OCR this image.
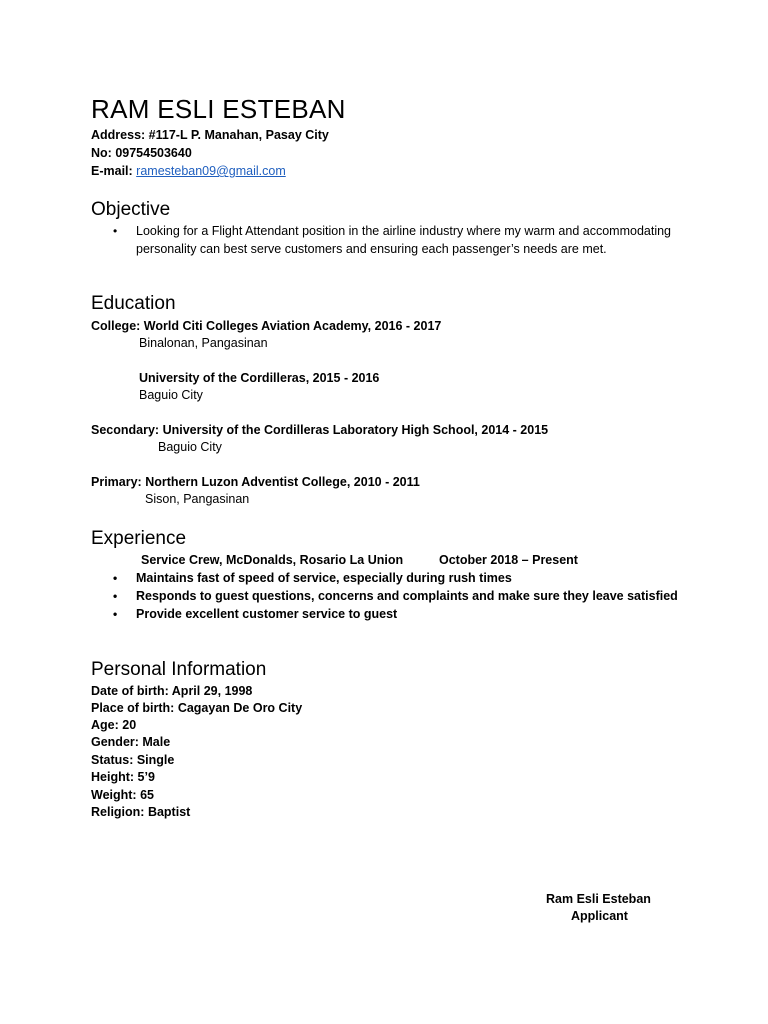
RAM ESLI ESTEBAN
Address: #117-L P. Manahan, Pasay City
No: 09754503640
E-mail: ramesteban09@gmail.com
Objective
• Looking for a Flight Attendant position in the airline industry where my warm and accommodating personality can best serve customers and ensuring each passenger’s needs are met.
Education
College: World Citi Colleges Aviation Academy, 2016 - 2017
Binalonan, Pangasinan
University of the Cordilleras, 2015 - 2016
Baguio City
Secondary: University of the Cordilleras Laboratory High School, 2014 - 2015
Baguio City
Primary: Northern Luzon Adventist College, 2010 - 2011
Sison, Pangasinan
Experience
Service Crew, McDonalds, Rosario La Union	October 2018 – Present
• Maintains fast of speed of service, especially during rush times
• Responds to guest questions, concerns and complaints and make sure they leave satisfied
• Provide excellent customer service to guest
Personal Information
Date of birth: April 29, 1998
Place of birth: Cagayan De Oro City
Age: 20
Gender: Male
Status: Single
Height: 5’9
Weight: 65
Religion: Baptist
Ram Esli Esteban
Applicant
